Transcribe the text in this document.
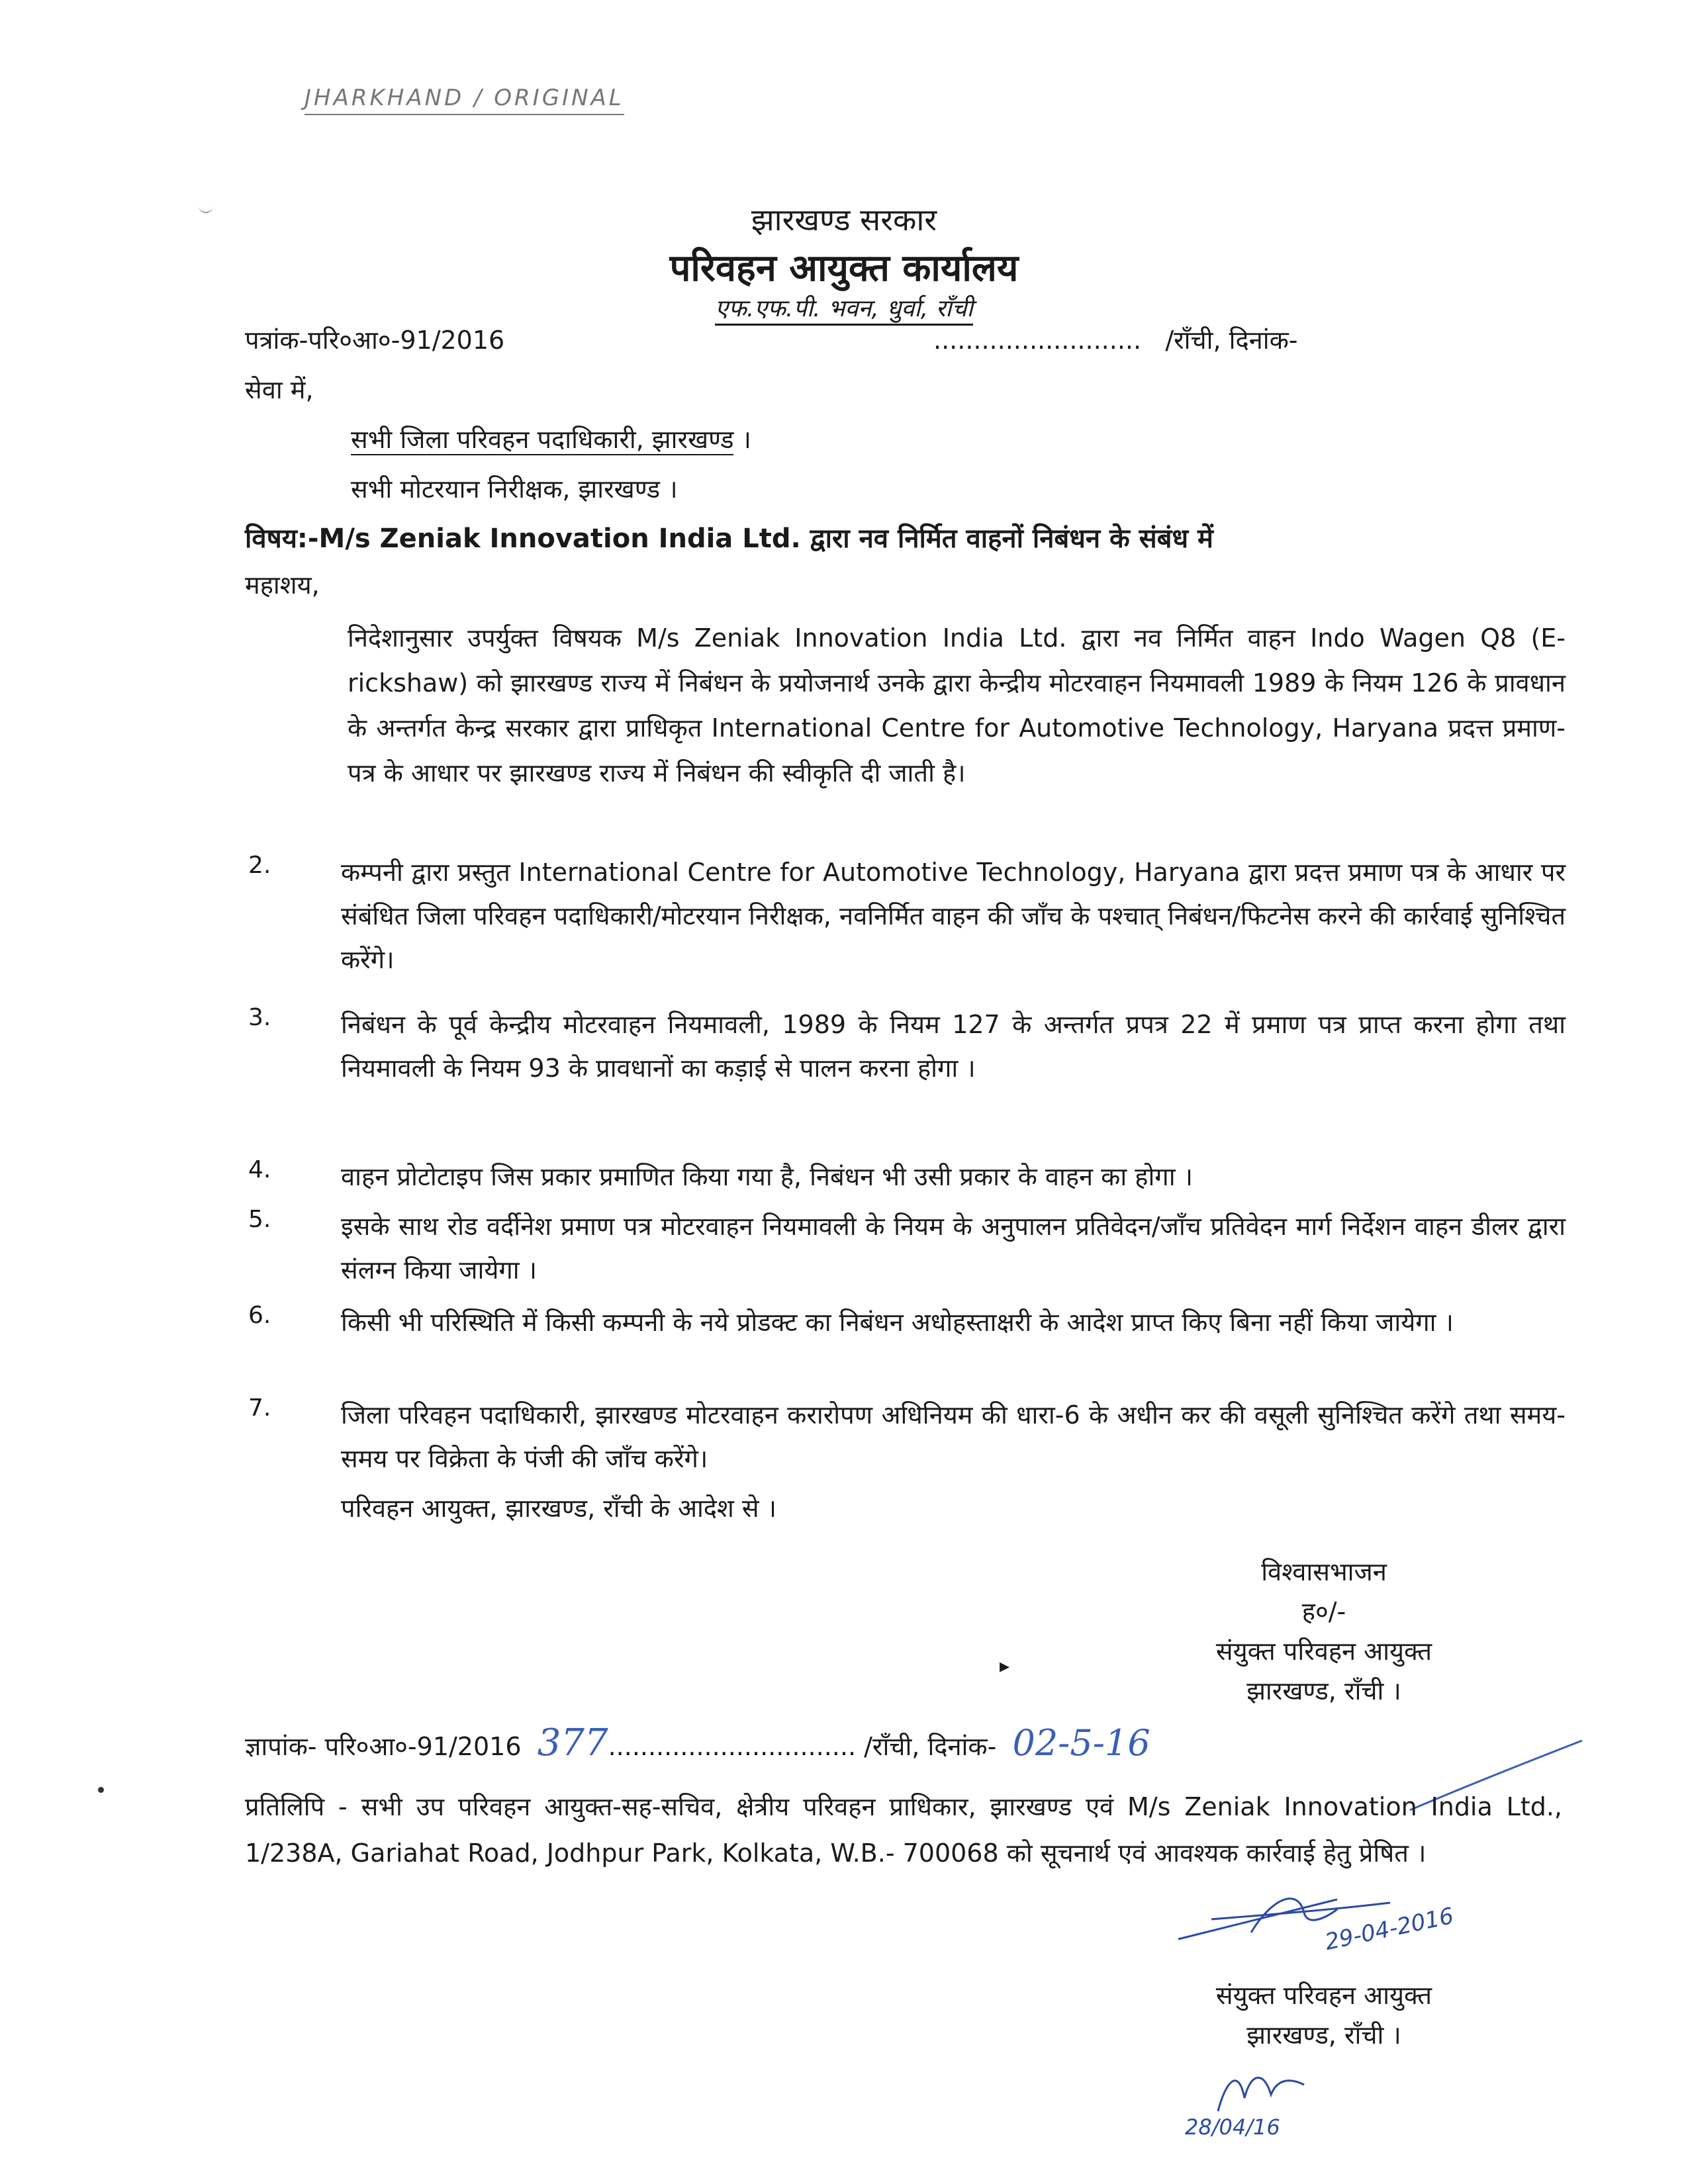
JHARKHAND / ORIGINAL
झारखण्ड सरकार
परिवहन आयुक्त कार्यालय
एफ.एफ.पी. भवन, धुर्वा, राँची
पत्रांक-परि०आ०-91/2016	.......................... /राँची, दिनांक-
सेवा में,
सभी जिला परिवहन पदाधिकारी, झारखण्ड ।
सभी मोटरयान निरीक्षक, झारखण्ड ।
विषय:-M/s Zeniak Innovation India Ltd. द्वारा नव निर्मित वाहनों निबंधन के संबंध में
महाशय,
निदेशानुसार उपर्युक्त विषयक M/s Zeniak Innovation India Ltd. द्वारा नव निर्मित वाहन Indo Wagen Q8 (E-rickshaw) को झारखण्ड राज्य में निबंधन के प्रयोजनार्थ उनके द्वारा केन्द्रीय मोटरवाहन नियमावली 1989 के नियम 126 के प्रावधान के अन्तर्गत केन्द्र सरकार द्वारा प्राधिकृत International Centre for Automotive Technology, Haryana प्रदत्त प्रमाण-पत्र के आधार पर झारखण्ड राज्य में निबंधन की स्वीकृति दी जाती है।
2.	कम्पनी द्वारा प्रस्तुत International Centre for Automotive Technology, Haryana द्वारा प्रदत्त प्रमाण पत्र के आधार पर संबंधित जिला परिवहन पदाधिकारी/मोटरयान निरीक्षक, नवनिर्मित वाहन की जाँच के पश्चात् निबंधन/फिटनेस करने की कार्रवाई सुनिश्चित करेंगे।
3.	निबंधन के पूर्व केन्द्रीय मोटरवाहन नियमावली, 1989 के नियम 127 के अन्तर्गत प्रपत्र 22 में प्रमाण पत्र प्राप्त करना होगा तथा नियमावली के नियम 93 के प्रावधानों का कड़ाई से पालन करना होगा ।
4.	वाहन प्रोटोटाइप जिस प्रकार प्रमाणित किया गया है, निबंधन भी उसी प्रकार के वाहन का होगा ।
5.	इसके साथ रोड वर्दीनेश प्रमाण पत्र मोटरवाहन नियमावली के नियम के अनुपालन प्रतिवेदन/जाँच प्रतिवेदन मार्ग निर्देशन वाहन डीलर द्वारा संलग्न किया जायेगा ।
6.	किसी भी परिस्थिति में किसी कम्पनी के नये प्रोडक्ट का निबंधन अधोहस्ताक्षरी के आदेश प्राप्त किए बिना नहीं किया जायेगा ।
7.	जिला परिवहन पदाधिकारी, झारखण्ड मोटरवाहन करारोपण अधिनियम की धारा-6 के अधीन कर की वसूली सुनिश्चित करेंगे तथा समय-समय पर विक्रेता के पंजी की जाँच करेंगे।
परिवहन आयुक्त, झारखण्ड, राँची के आदेश से ।
विश्वासभाजन
ह०/-
संयुक्त परिवहन आयुक्त
झारखण्ड, राँची ।
▸
ज्ञापांक- परि०आ०-91/2016 377............................... /राँची, दिनांक- 02-5-16
प्रतिलिपि - सभी उप परिवहन आयुक्त-सह-सचिव, क्षेत्रीय परिवहन प्राधिकार, झारखण्ड एवं M/s Zeniak Innovation India Ltd., 1/238A, Gariahat Road, Jodhpur Park, Kolkata, W.B.- 700068 को सूचनार्थ एवं आवश्यक कार्रवाई हेतु प्रेषित ।
29-04-2016
संयुक्त परिवहन आयुक्त
झारखण्ड, राँची ।
28/04/16
